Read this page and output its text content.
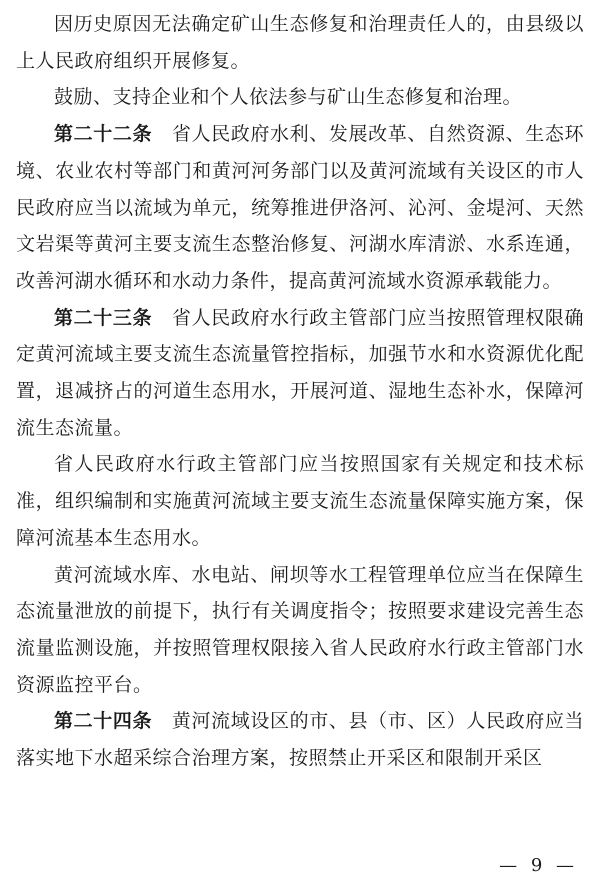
因历史原因无法确定矿山生态修复和治理责任人的，由县级以上人民政府组织开展修复。

鼓励、支持企业和个人依法参与矿山生态修复和治理。

第二十二条　 省人民政府水利、发展改革、自然资源、生态环境、农业农村等部门和黄河河务部门以及黄河流域有关设区的市人民政府应当以流域为单元，统筹推进伊洛河、沁河、金堤河、天然文岩渠等黄河主要支流生态整治修复、河湖水库清淤、水系连通，改善河湖水循环和水动力条件，提高黄河流域水资源承载能力。

第二十三条　 省人民政府水行政主管部门应当按照管理权限确定黄河流域主要支流生态流量管控指标，加强节水和水资源优化配置，退减挤占的河道生态用水，开展河道、湿地生态补水，保障河流生态流量。

省人民政府水行政主管部门应当按照国家有关规定和技术标准，组织编制和实施黄河流域主要支流生态流量保障实施方案，保障河流基本生态用水。

黄河流域水库、水电站、闸坝等水工程管理单位应当在保障生态流量泄放的前提下，执行有关调度指令；按照要求建设完善生态流量监测设施，并按照管理权限接入省人民政府水行政主管部门水资源监控平台。

第二十四条　 黄河流域设区的市、县（市、区）人民政府应当落实地下水超采综合治理方案，按照禁止开采区和限制开采区

— 9 —
